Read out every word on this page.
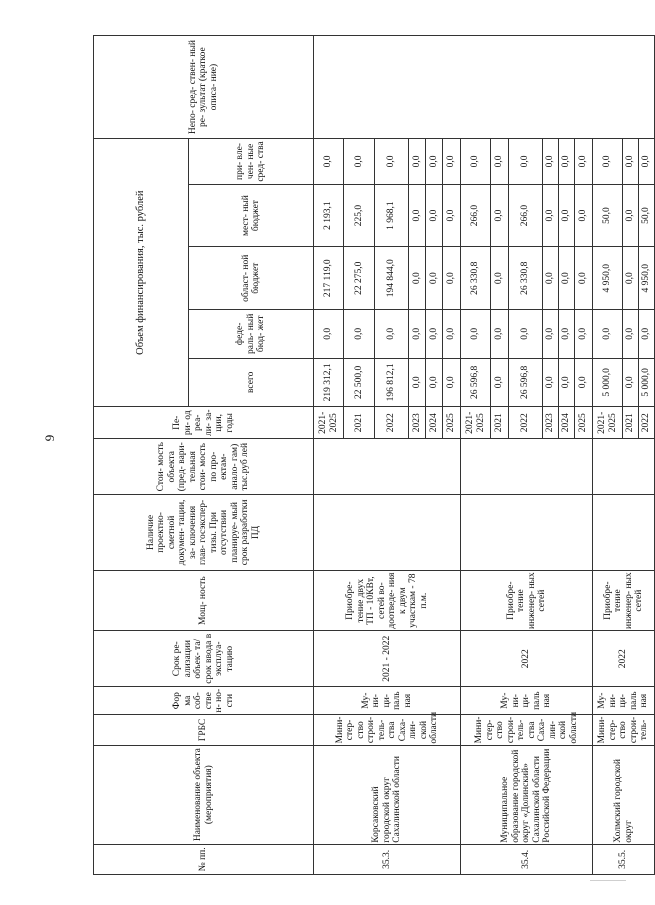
9
№ пп.	Наименование объекта (мероприятия)	ГРБС	Фор ма соб- стве н- но- сти	Срок ре- ализации объек- та/срок ввода в эксплуа- тацию	Мощ- ность	Наличие проектно- сметной докумен- тации, за- ключения глав- госэкспер- тизы. При отсутствии планируе- мый срок разработки ПД	Стои- мость объекта (пред- вари- тельная стои- мость по про- ектам- анало- гам) тыс.руб лей	Пе- ри- од реа- ли- за- ции, годы	Объем финансирования, тыс. рублей					Непо- сред- ствен- ный ре- зультат (краткое описа- ние)
									всего	феде- раль- ный бюд- жет	област- ной бюджет	мест- ный бюджет	при- вле- чен- ные сред- ства	
35.3.	Корсаковский городской округ Сахалинской области	Мини- стер- ство строи- тель- ства Саха- лин- ской области	Му- ни- ци- паль ная	2021 - 2022	Приобре- тение двух ТП - 10КВт, сетей во- доотведе- ния к двум участкам - 78 п.м.			2021- 2025	219 312,1	0,0	217 119,0	2 193,1	0,0	
								2021	22 500,0	0,0	22 275,0	225,0	0,0	
								2022	196 812,1	0,0	194 844,0	1 968,1	0,0	
								2023	0,0	0,0	0,0	0,0	0,0	
								2024	0,0	0,0	0,0	0,0	0,0	
								2025	0,0	0,0	0,0	0,0	0,0	
35.4.	Муниципальное образование городской округ «Долинский» Сахалинской области Российской Федерации	Мини- стер- ство строи- тель- ства Саха- лин- ской области	Му- ни- ци- паль ная	2022	Приобре- тение инженер- ных сетей			2021- 2025	26 596,8	0,0	26 330,8	266,0	0,0	
								2021	0,0	0,0	0,0	0,0	0,0	
								2022	26 596,8	0,0	26 330,8	266,0	0,0	
								2023	0,0	0,0	0,0	0,0	0,0	
								2024	0,0	0,0	0,0	0,0	0,0	
								2025	0,0	0,0	0,0	0,0	0,0	
35.5.	Холмский городской округ	Мини- стер- ство строи- тель-	Му- ни- ци- паль ная	2022	Приобре- тение инженер- ных сетей			2021- 2025	5 000,0	0,0	4 950,0	50,0	0,0	
								2021	0,0	0,0	0,0	0,0	0,0	
								2022	5 000,0	0,0	4 950,0	50,0	0,0	
